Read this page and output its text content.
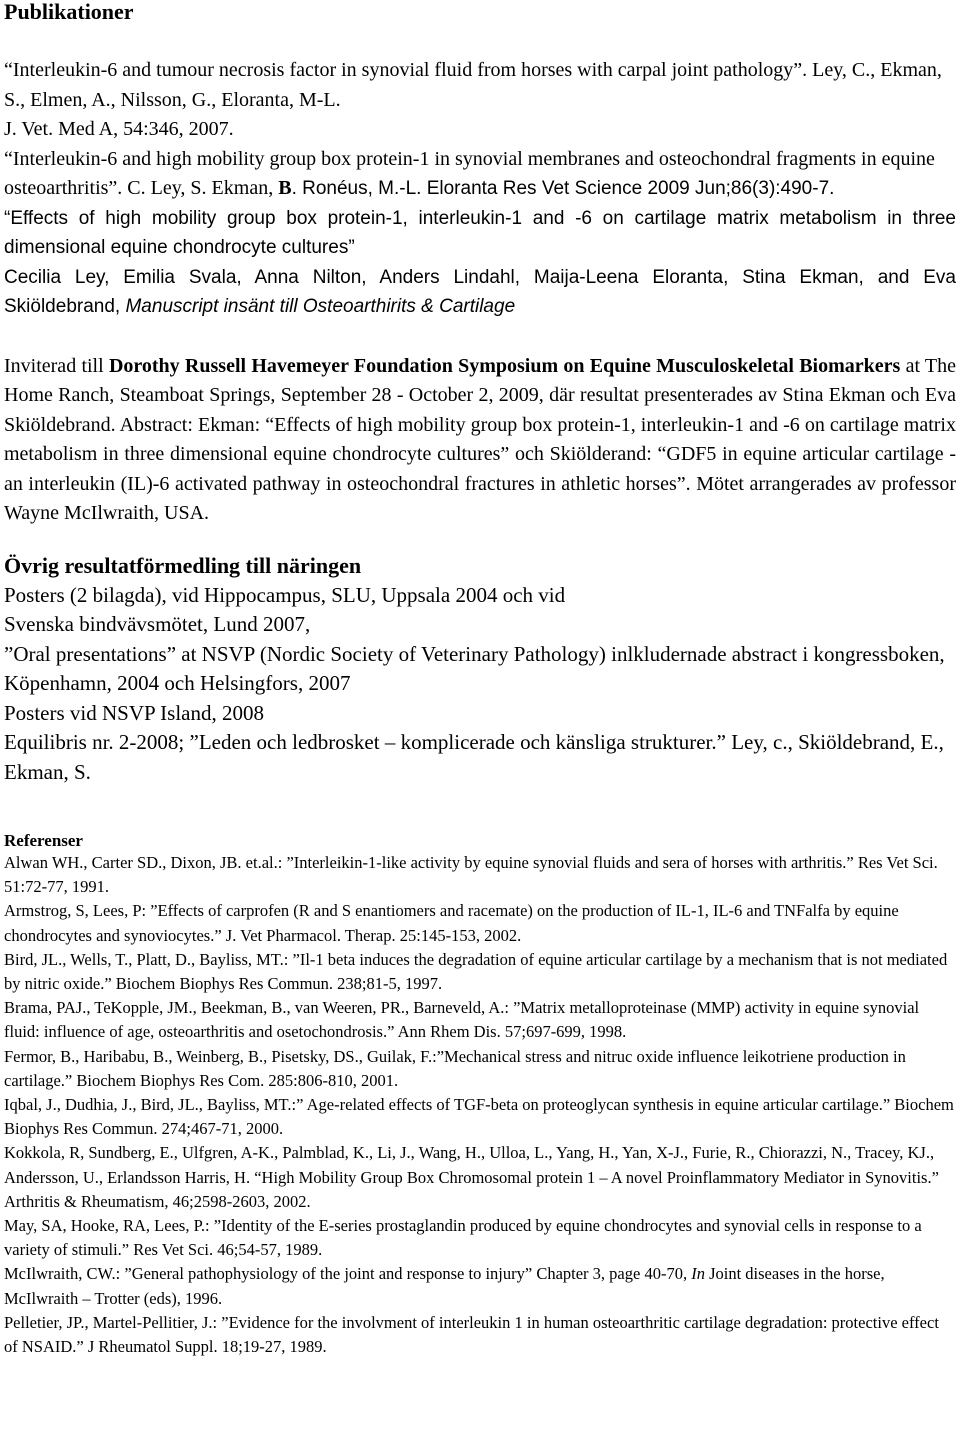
Publikationer

“Interleukin-6 and tumour necrosis factor in synovial fluid from horses with carpal joint pathology”. Ley, C., Ekman, S., Elmen, A., Nilsson, G., Eloranta, M-L.
J. Vet. Med A, 54:346, 2007.

“Interleukin-6 and high mobility group box protein-1 in synovial membranes and osteochondral fragments in equine osteoarthritis”. C. Ley, S. Ekman, B. Ronéus, M.-L. Eloranta Res Vet Science 2009 Jun;86(3):490-7.

“Effects of high mobility group box protein-1, interleukin-1 and -6 on cartilage matrix metabolism in three dimensional equine chondrocyte cultures”
Cecilia Ley, Emilia Svala, Anna Nilton, Anders Lindahl, Maija-Leena Eloranta, Stina Ekman, and Eva Skiöldebrand, Manuscript insänt till Osteoarthirits & Cartilage

Inviterad till Dorothy Russell Havemeyer Foundation Symposium on Equine Musculoskeletal Biomarkers at The Home Ranch, Steamboat Springs, September 28 - October 2, 2009, där resultat presenterades av Stina Ekman och Eva Skiöldebrand. Abstract: Ekman: “Effects of high mobility group box protein-1, interleukin-1 and -6 on cartilage matrix metabolism in three dimensional equine chondrocyte cultures” och Skiölderand: “GDF5 in equine articular cartilage - an interleukin (IL)-6 activated pathway in osteochondral fractures in athletic horses”. Mötet arrangerades av professor Wayne McIlwraith, USA.

Övrig resultatförmedling till näringen

Posters (2 bilagda), vid Hippocampus, SLU, Uppsala 2004 och vid

Svenska bindvävsmötet, Lund 2007,

”Oral presentations” at NSVP (Nordic Society of Veterinary Pathology) inlkludernade abstract i kongressboken, Köpenhamn, 2004 och Helsingfors, 2007

Posters vid NSVP Island, 2008

Equilibris nr. 2-2008; ”Leden och ledbrosket – komplicerade och känsliga strukturer.” Ley, c., Skiöldebrand, E., Ekman, S.

Referenser

Alwan WH., Carter SD., Dixon, JB. et.al.: ”Interleikin-1-like activity by equine synovial fluids and sera of horses with arthritis.” Res Vet Sci. 51:72-77, 1991.

Armstrog, S, Lees, P: ”Effects of carprofen (R and S enantiomers and racemate) on the production of IL-1, IL-6 and TNFalfa by equine chondrocytes and synoviocytes.” J. Vet Pharmacol. Therap. 25:145-153, 2002.

Bird, JL., Wells, T., Platt, D., Bayliss, MT.: ”Il-1 beta induces the degradation of equine articular cartilage by a mechanism that is not mediated by nitric oxide.” Biochem Biophys Res Commun. 238;81-5, 1997.

Brama, PAJ., TeKopple, JM., Beekman, B., van Weeren, PR., Barneveld, A.: ”Matrix metalloproteinase (MMP) activity in equine synovial fluid: influence of age, osteoarthritis and osetochondrosis.” Ann Rhem Dis. 57;697-699, 1998.

Fermor, B., Haribabu, B., Weinberg, B., Pisetsky, DS., Guilak, F.:”Mechanical stress and nitruc oxide influence leikotriene production in cartilage.” Biochem Biophys Res Com. 285:806-810, 2001.

Iqbal, J., Dudhia, J., Bird, JL., Bayliss, MT.:” Age-related effects of TGF-beta on proteoglycan synthesis in equine articular cartilage.” Biochem Biophys Res Commun. 274;467-71, 2000.

Kokkola, R, Sundberg, E., Ulfgren, A-K., Palmblad, K., Li, J., Wang, H., Ulloa, L., Yang, H., Yan, X-J., Furie, R., Chiorazzi, N., Tracey, KJ., Andersson, U., Erlandsson Harris, H. “High Mobility Group Box Chromosomal protein 1 – A novel Proinflammatory Mediator in Synovitis.” Arthritis & Rheumatism, 46;2598-2603, 2002.

May, SA, Hooke, RA, Lees, P.: ”Identity of the E-series prostaglandin produced by equine chondrocytes and synovial cells in response to a variety of stimuli.” Res Vet Sci. 46;54-57, 1989.

McIlwraith, CW.: ”General pathophysiology of the joint and response to injury” Chapter 3, page 40-70, In Joint diseases in the horse, McIlwraith – Trotter (eds), 1996.

Pelletier, JP., Martel-Pellitier, J.: ”Evidence for the involvment of interleukin 1 in human osteoarthritic cartilage degradation: protective effect of NSAID.” J Rheumatol Suppl. 18;19-27, 1989.
